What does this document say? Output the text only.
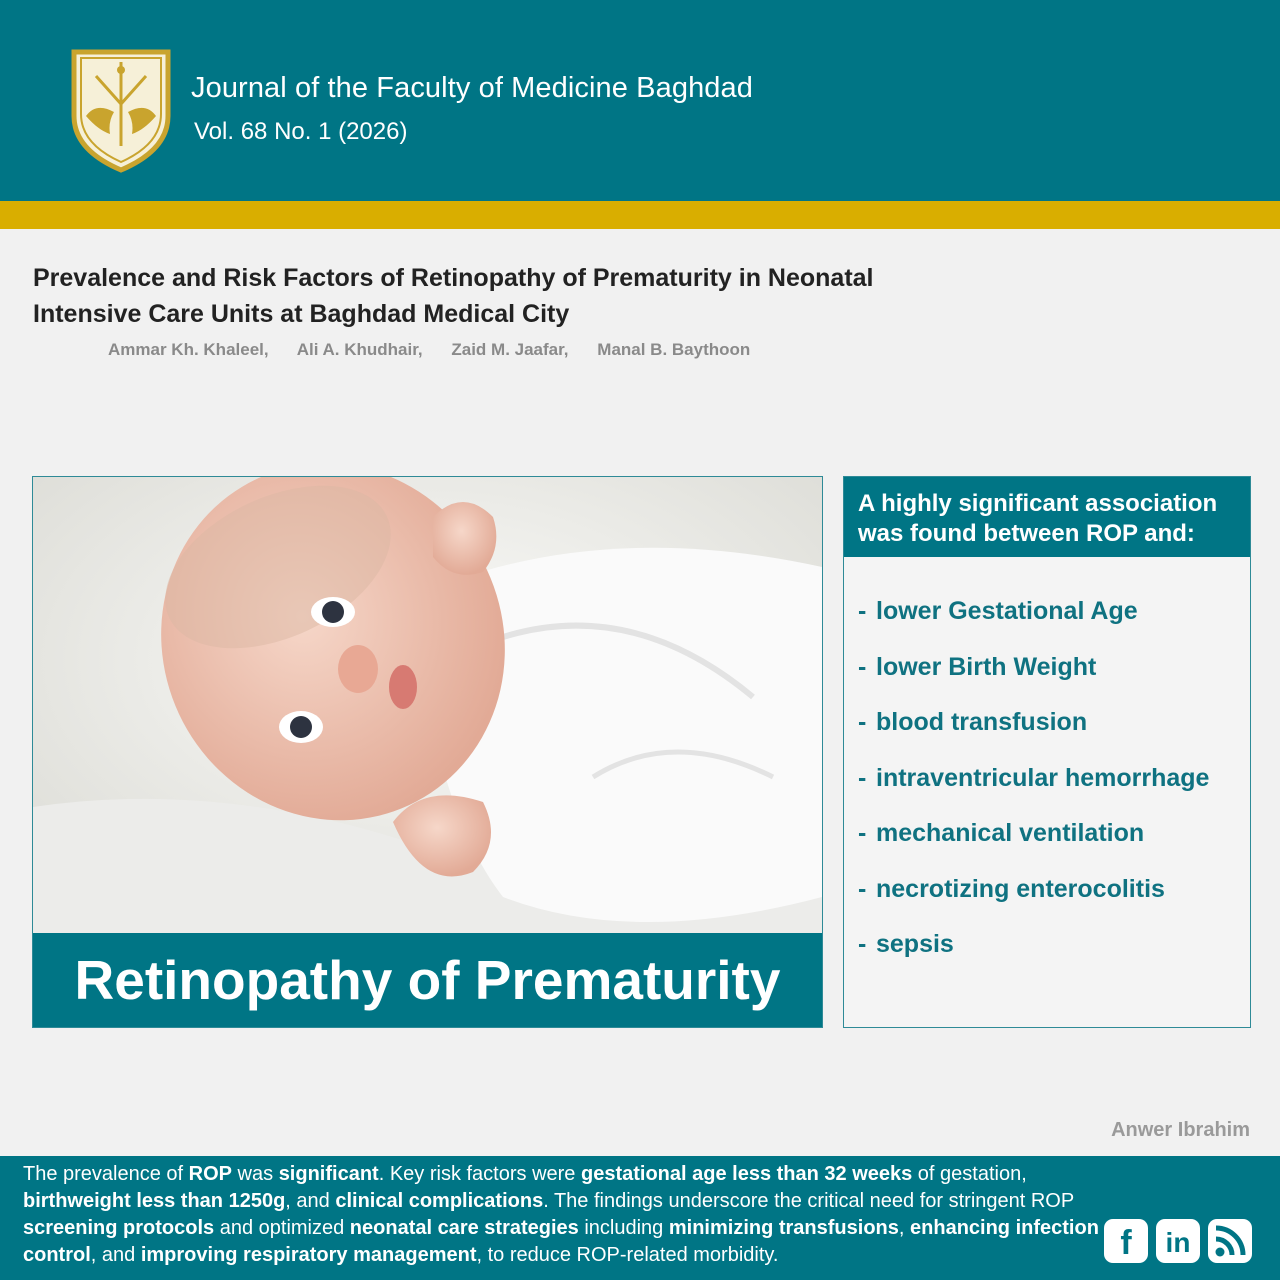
Journal of the Faculty of Medicine Baghdad
Vol. 68 No. 1 (2026)
Prevalence and Risk Factors of Retinopathy of Prematurity in Neonatal Intensive Care Units at Baghdad Medical City
Ammar Kh. Khaleel, Ali A. Khudhair, Zaid M. Jaafar, Manal B. Baythoon
Retinopathy of Prematurity
A highly significant association was found between ROP and:
- lower Gestational Age
- lower Birth Weight
- blood transfusion
- intraventricular hemorrhage
- mechanical ventilation
- necrotizing enterocolitis
- sepsis
Anwer Ibrahim
The prevalence of ROP was significant. Key risk factors were gestational age less than 32 weeks of gestation, birthweight less than 1250g, and clinical complications. The findings underscore the critical need for stringent ROP screening protocols and optimized neonatal care strategies including minimizing transfusions, enhancing infection control, and improving respiratory management, to reduce ROP-related morbidity.	f in
